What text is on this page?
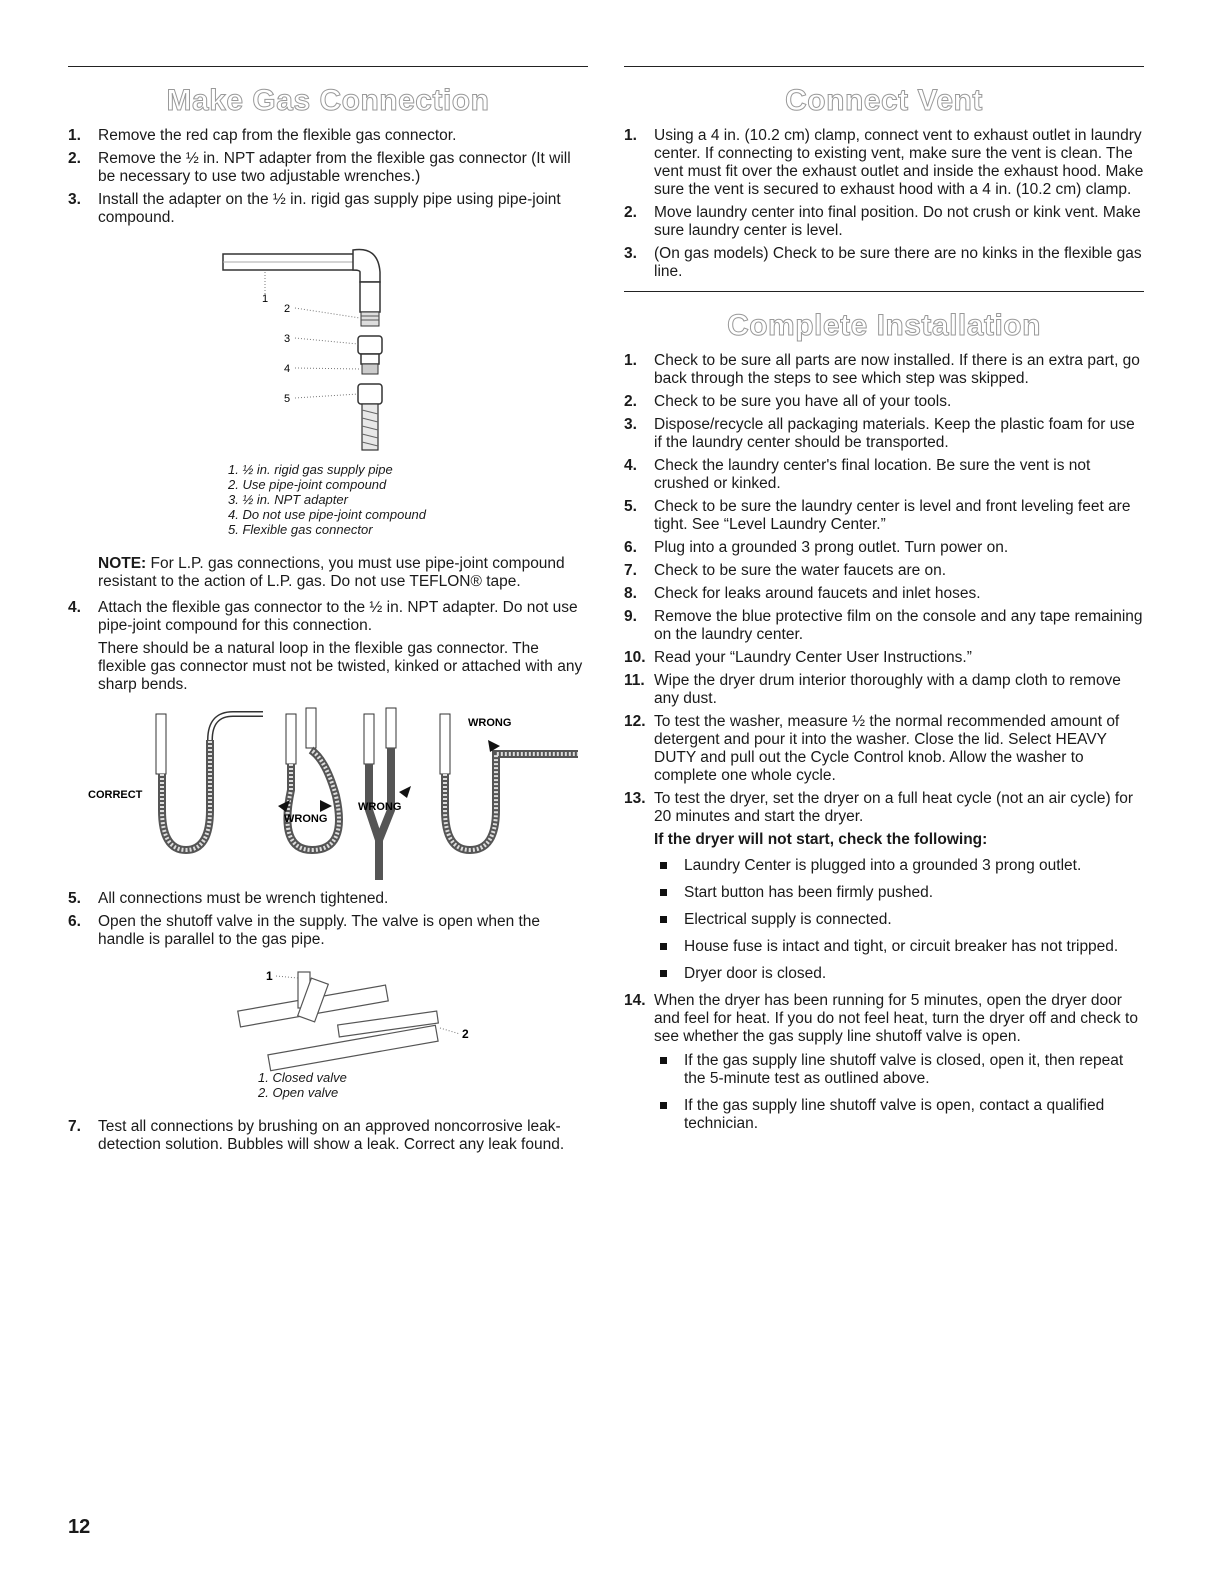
Make Gas Connection
1. Remove the red cap from the flexible gas connector.
2. Remove the ½ in. NPT adapter from the flexible gas connector (It will be necessary to use two adjustable wrenches.)
3. Install the adapter on the ½ in. rigid gas supply pipe using pipe-joint compound.
1
2
3
4
5
1. ½ in. rigid gas supply pipe
2. Use pipe-joint compound
3. ½ in. NPT adapter
4. Do not use pipe-joint compound
5. Flexible gas connector
NOTE: For L.P. gas connections, you must use pipe-joint compound resistant to the action of L.P. gas. Do not use TEFLON® tape.
4. Attach the flexible gas connector to the ½ in. NPT adapter. Do not use pipe-joint compound for this connection.

There should be a natural loop in the flexible gas connector. The flexible gas connector must not be twisted, kinked or attached with any sharp bends.

CORRECT
WRONG
WRONG
WRONG
5. All connections must be wrench tightened.
6. Open the shutoff valve in the supply. The valve is open when the handle is parallel to the gas pipe.
1
2
1. Closed valve
2. Open valve
7. Test all connections by brushing on an approved noncorrosive leak-detection solution. Bubbles will show a leak. Correct any leak found.
Connect Vent
1. Using a 4 in. (10.2 cm) clamp, connect vent to exhaust outlet in laundry center. If connecting to existing vent, make sure the vent is clean. The vent must fit over the exhaust outlet and inside the exhaust hood. Make sure the vent is secured to exhaust hood with a 4 in. (10.2 cm) clamp.
2. Move laundry center into final position. Do not crush or kink vent. Make sure laundry center is level.
3. (On gas models) Check to be sure there are no kinks in the flexible gas line.
Complete Installation
1. Check to be sure all parts are now installed. If there is an extra part, go back through the steps to see which step was skipped.
2. Check to be sure you have all of your tools.
3. Dispose/recycle all packaging materials. Keep the plastic foam for use if the laundry center should be transported.
4. Check the laundry center's final location. Be sure the vent is not crushed or kinked.
5. Check to be sure the laundry center is level and front leveling feet are tight. See “Level Laundry Center.”
6. Plug into a grounded 3 prong outlet. Turn power on.
7. Check to be sure the water faucets are on.
8. Check for leaks around faucets and inlet hoses.
9. Remove the blue protective film on the console and any tape remaining on the laundry center.
10. Read your “Laundry Center User Instructions.”
11. Wipe the dryer drum interior thoroughly with a damp cloth to remove any dust.
12. To test the washer, measure ½ the normal recommended amount of detergent and pour it into the washer. Close the lid. Select HEAVY DUTY and pull out the Cycle Control knob. Allow the washer to complete one whole cycle.
13. To test the dryer, set the dryer on a full heat cycle (not an air cycle) for 20 minutes and start the dryer.
If the dryer will not start, check the following:
Laundry Center is plugged into a grounded 3 prong outlet.
Start button has been firmly pushed.
Electrical supply is connected.
House fuse is intact and tight, or circuit breaker has not tripped.
Dryer door is closed.
14. When the dryer has been running for 5 minutes, open the dryer door and feel for heat. If you do not feel heat, turn the dryer off and check to see whether the gas supply line shutoff valve is open.
If the gas supply line shutoff valve is closed, open it, then repeat the 5-minute test as outlined above.
If the gas supply line shutoff valve is open, contact a qualified technician.
12
